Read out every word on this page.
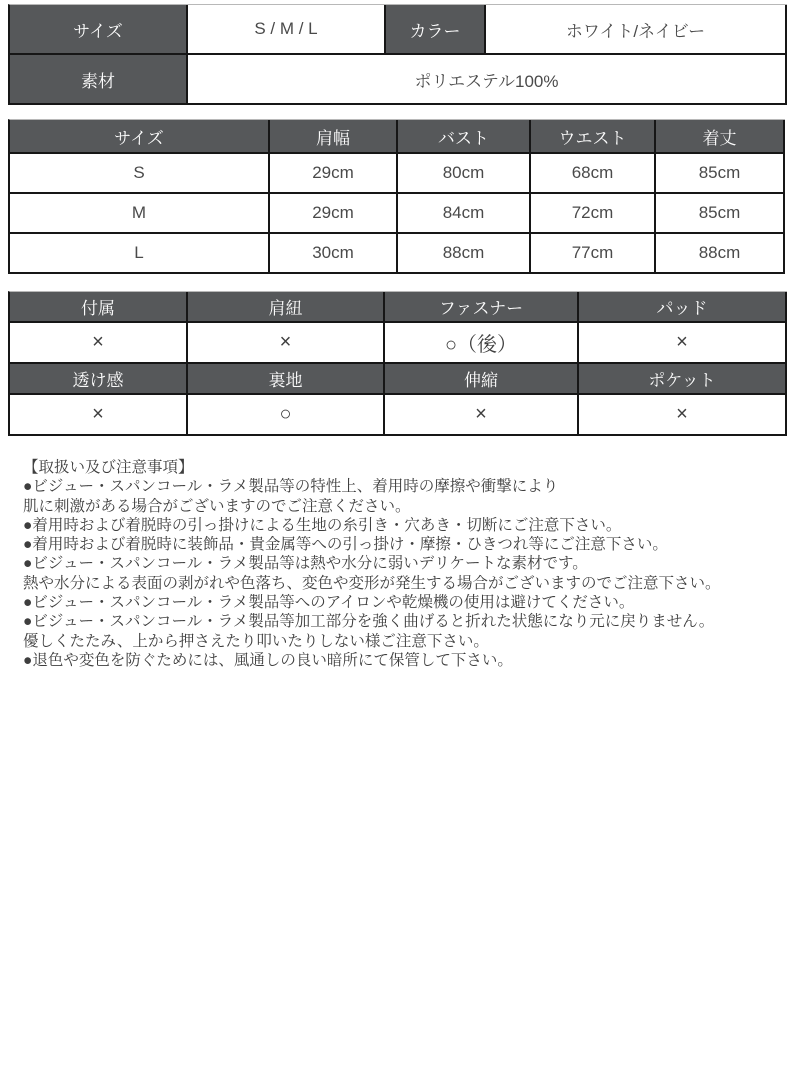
サイズ	S / M / L	カラー	ホワイト/ネイビー
素材	ポリエステル100%		
サイズ	肩幅	バスト	ウエスト	着丈
S	29cm	80cm	68cm	85cm
M	29cm	84cm	72cm	85cm
L	30cm	88cm	77cm	88cm
付属	肩紐	ファスナー	パッド
×	×	○（後）	×
透け感	裏地	伸縮	ポケット
×	○	×	×
【取扱い及び注意事項】
●ビジュー・スパンコール・ラメ製品等の特性上、着用時の摩擦や衝撃により
肌に刺激がある場合がございますのでご注意ください。
●着用時および着脱時の引っ掛けによる生地の糸引き・穴あき・切断にご注意下さい。
●着用時および着脱時に装飾品・貴金属等への引っ掛け・摩擦・ひきつれ等にご注意下さい。
●ビジュー・スパンコール・ラメ製品等は熱や水分に弱いデリケートな素材です。
熱や水分による表面の剥がれや色落ち、変色や変形が発生する場合がございますのでご注意下さい。
●ビジュー・スパンコール・ラメ製品等へのアイロンや乾燥機の使用は避けてください。
●ビジュー・スパンコール・ラメ製品等加工部分を強く曲げると折れた状態になり元に戻りません。
優しくたたみ、上から押さえたり叩いたりしない様ご注意下さい。
●退色や変色を防ぐためには、風通しの良い暗所にて保管して下さい。
